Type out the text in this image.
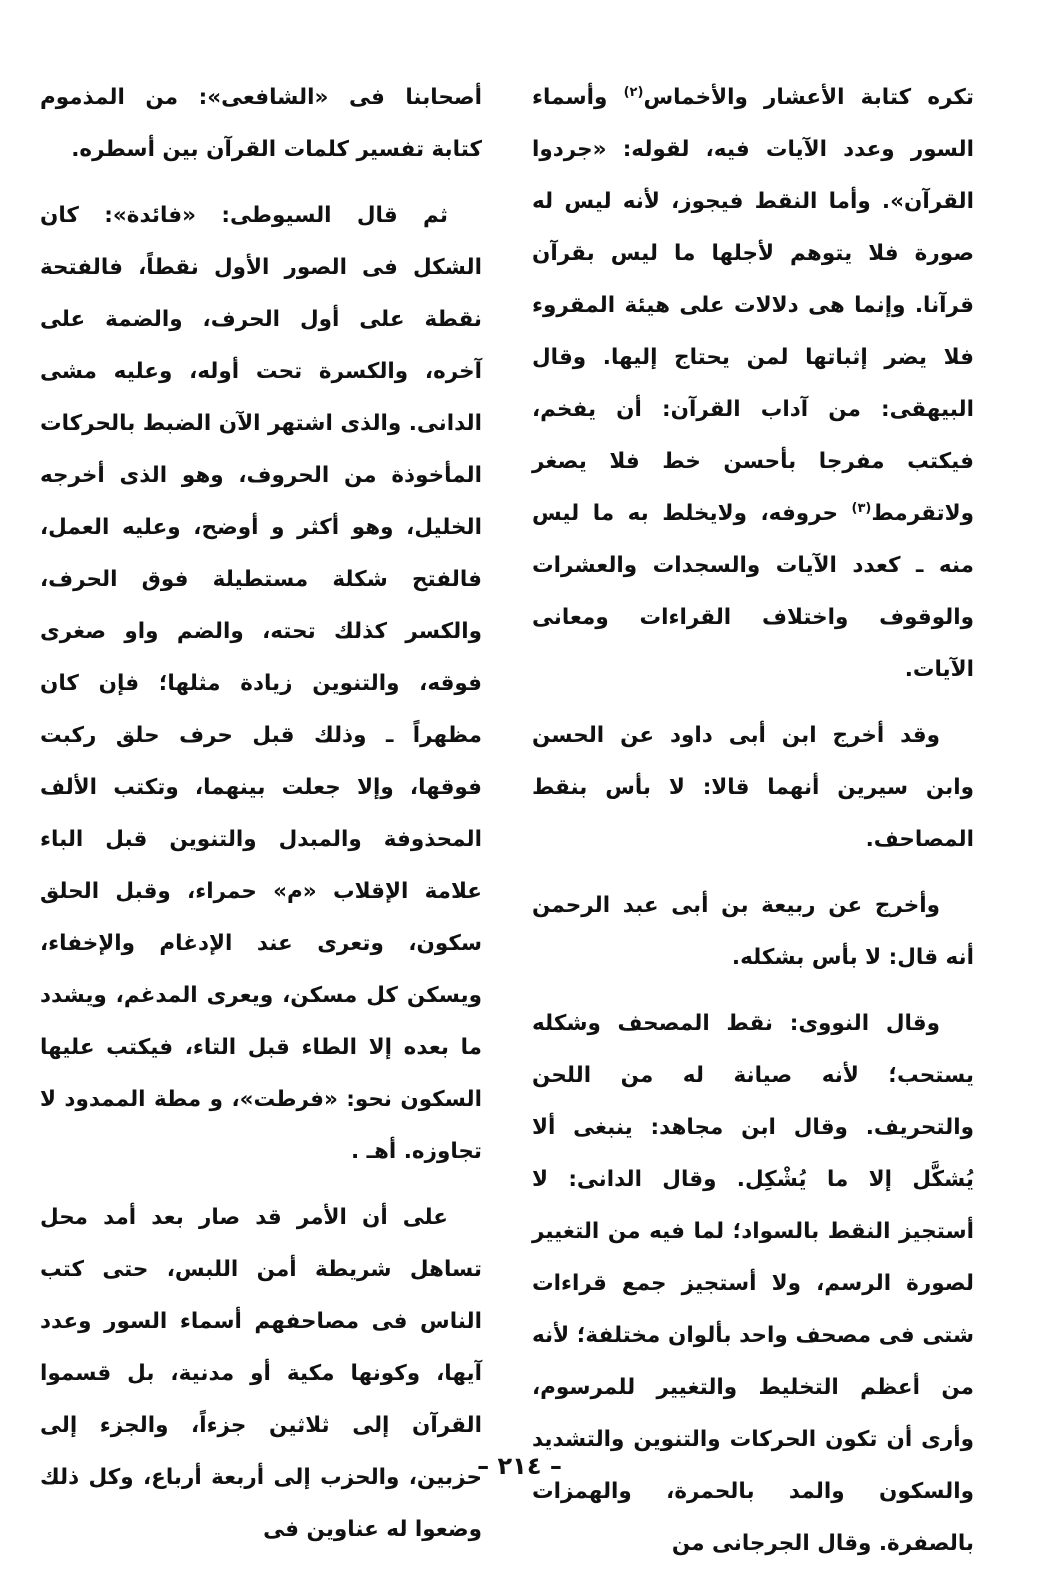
تكره كتابة الأعشار والأخماس$^{(٢)}$ وأسماء السور وعدد الآيات فيه، لقوله: «جردوا القرآن». وأما النقط فيجوز، لأنه ليس له صورة فلا يتوهم لأجلها ما ليس بقرآن قرآنا. وإنما هى دلالات على هيئة المقروء فلا يضر إثباتها لمن يحتاج إليها. وقال البيهقى: من آداب القرآن: أن يفخم، فيكتب مفرجا بأحسن خط فلا يصغر ولاتقرمط$^{(٣)}$ حروفه، ولايخلط به ما ليس منه ـ كعدد الآيات والسجدات والعشرات والوقوف واختلاف القراءات ومعانى الآيات.

وقد أخرج ابن أبى داود عن الحسن وابن سيرين أنهما قالا: لا بأس بنقط المصاحف.

وأخرج عن ربيعة بن أبى عبد الرحمن أنه قال: لا بأس بشكله.

وقال النووى: نقط المصحف وشكله يستحب؛ لأنه صيانة له من اللحن والتحريف. وقال ابن مجاهد: ينبغى ألا يُشكَّل إلا ما يُشْكِل. وقال الدانى: لا أستجيز النقط بالسواد؛ لما فيه من التغيير لصورة الرسم، ولا أستجيز جمع قراءات شتى فى مصحف واحد بألوان مختلفة؛ لأنه من أعظم التخليط والتغيير للمرسوم، وأرى أن تكون الحركات والتنوين والتشديد والسكون والمد بالحمرة، والهمزات بالصفرة. وقال الجرجانى من

أصحابنا فى «الشافعى»: من المذموم كتابة تفسير كلمات القرآن بين أسطره.

ثم قال السيوطى: «فائدة»: كان الشكل فى الصور الأول نقطاً، فالفتحة نقطة على أول الحرف، والضمة على آخره، والكسرة تحت أوله، وعليه مشى الدانى. والذى اشتهر الآن الضبط بالحركات المأخوذة من الحروف، وهو الذى أخرجه الخليل، وهو أكثر و أوضح، وعليه العمل، فالفتح شكلة مستطيلة فوق الحرف، والكسر كذلك تحته، والضم واو صغرى فوقه، والتنوين زيادة مثلها؛ فإن كان مظهراً ـ وذلك قبل حرف حلق ركبت فوقها، وإلا جعلت بينهما، وتكتب الألف المحذوفة والمبدل والتنوين قبل الباء علامة الإقلاب «م» حمراء، وقبل الحلق سكون، وتعرى عند الإدغام والإخفاء، ويسكن كل مسكن، ويعرى المدغم، ويشدد ما بعده إلا الطاء قبل التاء، فيكتب عليها السكون نحو: «فرطت»، و مطة الممدود لا تجاوزه. أهـ .

على أن الأمر قد صار بعد أمد محل تساهل شريطة أمن اللبس، حتى كتب الناس فى مصاحفهم أسماء السور وعدد آيها، وكونها مكية أو مدنية، بل قسموا القرآن إلى ثلاثين جزءاً، والجزء إلى حزبين، والحزب إلى أربعة أرباع، وكل ذلك وضعوا له عناوين فى

– ٢١٤ –
